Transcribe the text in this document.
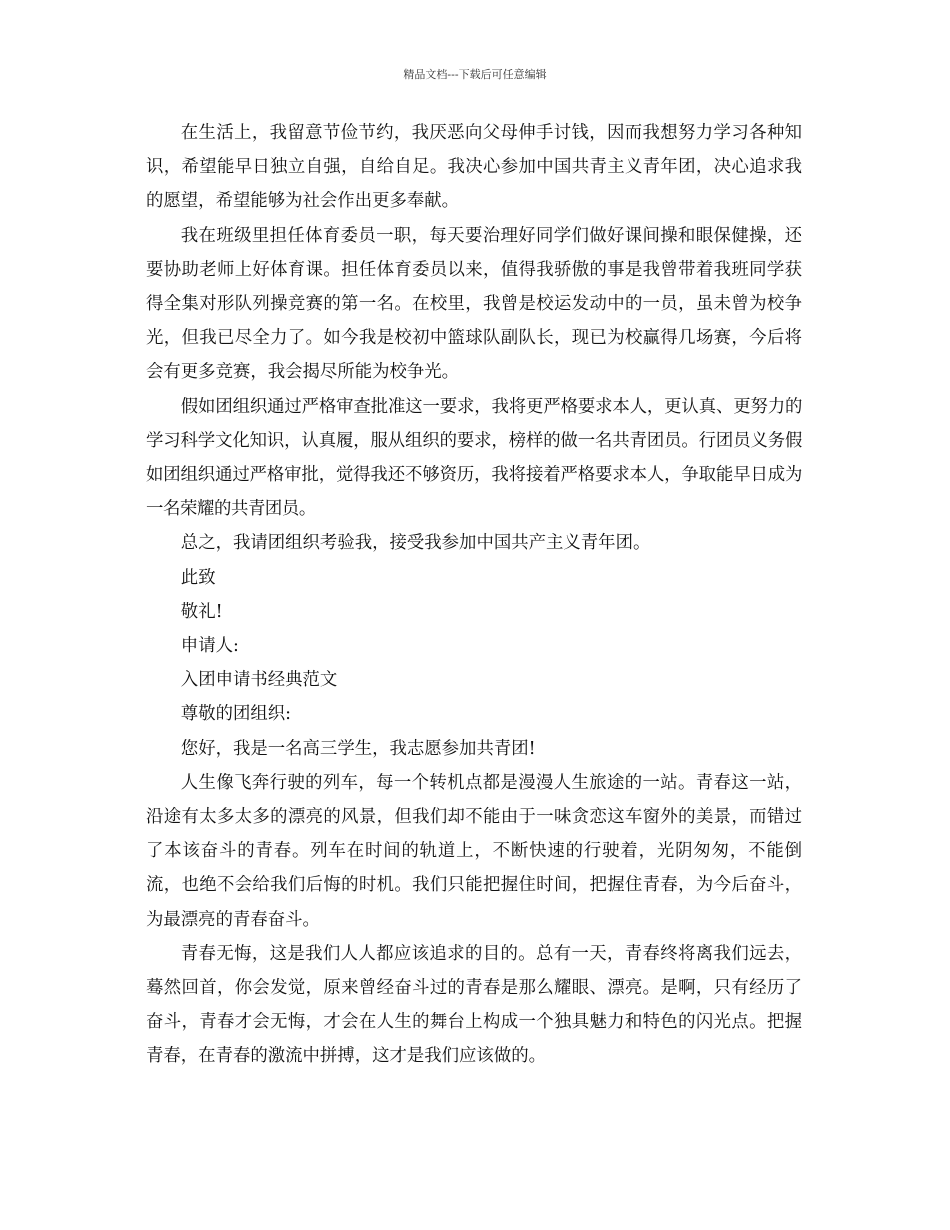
精品文档---下载后可任意编辑

在生活上，我留意节俭节约，我厌恶向父母伸手讨钱，因而我想努力学习各种知识，希望能早日独立自强，自给自足。我决心参加中国共青主义青年团，决心追求我的愿望，希望能够为社会作出更多奉献。

我在班级里担任体育委员一职，每天要治理好同学们做好课间操和眼保健操，还要协助老师上好体育课。担任体育委员以来，值得我骄傲的事是我曾带着我班同学获得全集对形队列操竞赛的第一名。在校里，我曾是校运发动中的一员，虽未曾为校争光，但我已尽全力了。如今我是校初中篮球队副队长，现已为校赢得几场赛，今后将会有更多竞赛，我会揭尽所能为校争光。

假如团组织通过严格审查批准这一要求，我将更严格要求本人，更认真、更努力的学习科学文化知识，认真履，服从组织的要求，榜样的做一名共青团员。行团员义务假如团组织通过严格审批，觉得我还不够资历，我将接着严格要求本人，争取能早日成为一名荣耀的共青团员。

总之，我请团组织考验我，接受我参加中国共产主义青年团。

此致

敬礼!

申请人:

入团申请书经典范文

尊敬的团组织:

您好，我是一名高三学生，我志愿参加共青团!

人生像飞奔行驶的列车，每一个转机点都是漫漫人生旅途的一站。青春这一站，沿途有太多太多的漂亮的风景，但我们却不能由于一味贪恋这车窗外的美景，而错过了本该奋斗的青春。列车在时间的轨道上，不断快速的行驶着，光阴匆匆，不能倒流，也绝不会给我们后悔的时机。我们只能把握住时间，把握住青春，为今后奋斗，为最漂亮的青春奋斗。

青春无悔，这是我们人人都应该追求的目的。总有一天，青春终将离我们远去，蓦然回首，你会发觉，原来曾经奋斗过的青春是那么耀眼、漂亮。是啊，只有经历了奋斗，青春才会无悔，才会在人生的舞台上构成一个独具魅力和特色的闪光点。把握青春，在青春的激流中拼搏，这才是我们应该做的。
